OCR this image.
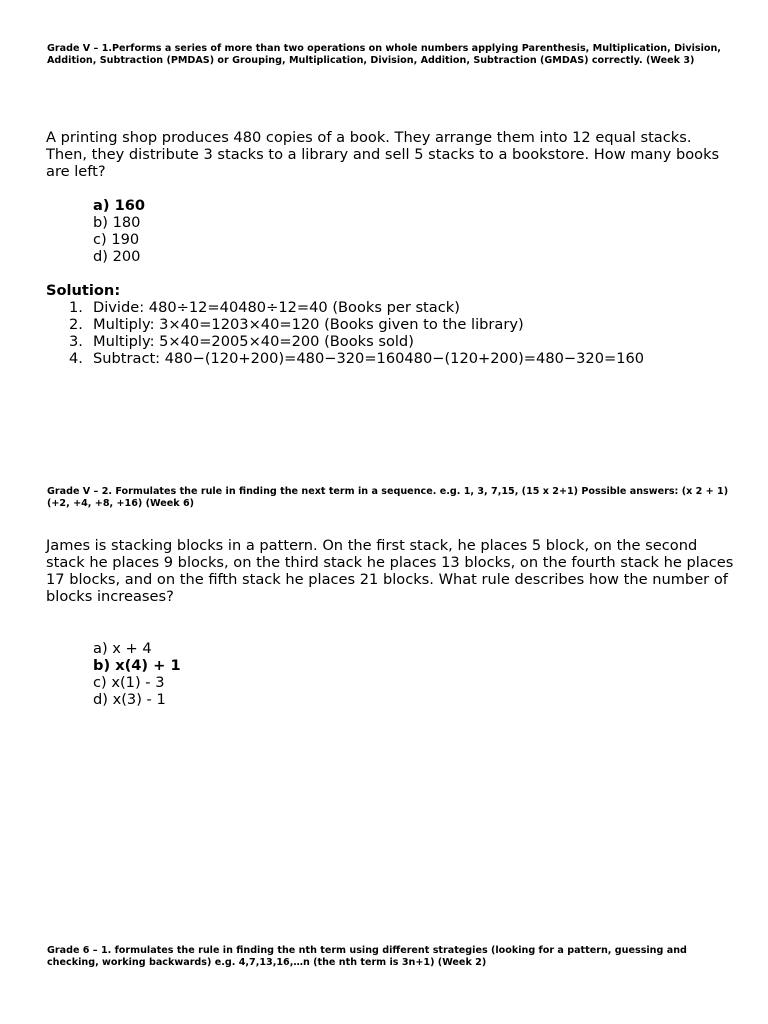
Grade V – 1.Performs a series of more than two operations on whole numbers applying Parenthesis, Multiplication, Division, Addition, Subtraction (PMDAS) or Grouping, Multiplication, Division, Addition, Subtraction (GMDAS) correctly. (Week 3)

A printing shop produces 480 copies of a book. They arrange them into 12 equal stacks. Then, they distribute 3 stacks to a library and sell 5 stacks to a bookstore. How many books are left?

a) 160
b) 180
c) 190
d) 200

Solution:

1. Divide: 480÷12=40480÷12=40 (Books per stack)
2. Multiply: 3×40=1203×40=120 (Books given to the library)
3. Multiply: 5×40=2005×40=200 (Books sold)
4. Subtract: 480−(120+200)=480−320=160480−(120+200)=480−320=160

Grade V – 2. Formulates the rule in finding the next term in a sequence. e.g. 1, 3, 7,15, (15 x 2+1) Possible answers: (x 2 + 1) (+2, +4, +8, +16) (Week 6)

James is stacking blocks in a pattern. On the first stack, he places 5 block, on the second stack he places 9 blocks, on the third stack he places 13 blocks, on the fourth stack he places 17 blocks, and on the fifth stack he places 21 blocks. What rule describes how the number of blocks increases?

a) x + 4
b) x(4) + 1
c) x(1) - 3
d) x(3) - 1

Grade 6 – 1. formulates the rule in finding the nth term using different strategies (looking for a pattern, guessing and checking, working backwards) e.g. 4,7,13,16,…n (the nth term is 3n+1) (Week 2)
